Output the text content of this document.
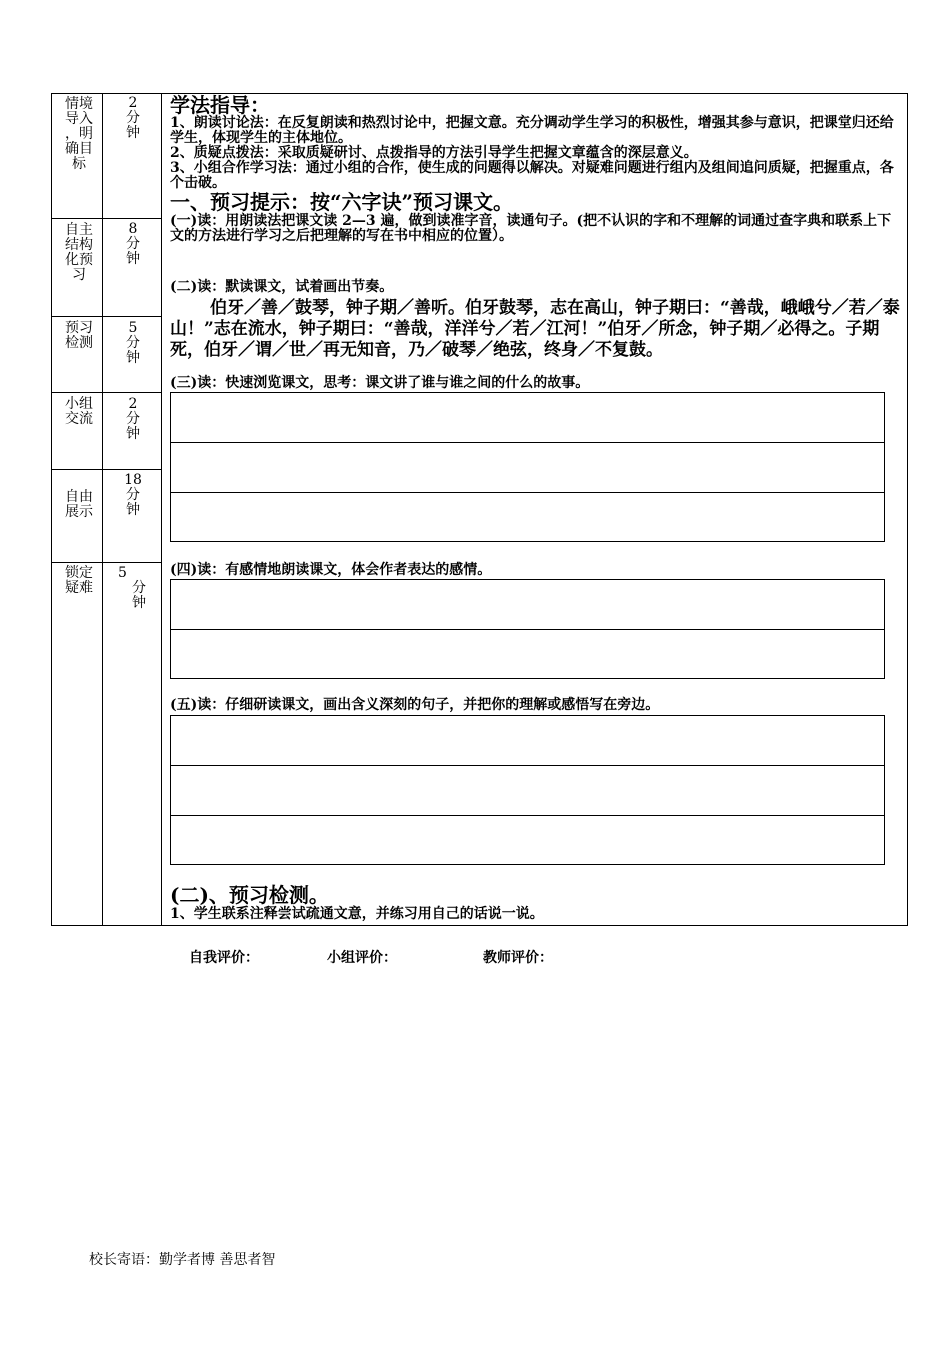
情境
导入
，明
确目
标
2
分
钟
自主
结构
化预
习
8
分
钟
预习
检测
5
分
钟
小组
交流
2
分
钟
自由
展示
18
分
钟
锁定
疑难
5
分
钟
学法指导：
1、朗读讨论法：在反复朗读和热烈讨论中，把握文意。充分调动学生学习的积极性，增强其参与意识，把课堂归还给学生，体现学生的主体地位。
2、质疑点拨法：采取质疑研讨、点拨指导的方法引导学生把握文章蕴含的深层意义。
3、小组合作学习法：通过小组的合作，使生成的问题得以解决。对疑难问题进行组内及组间追问质疑，把握重点，各个击破。
一、预习提示：按“六字诀”预习课文。
(一)读：用朗读法把课文读 2—3 遍，做到读准字音，读通句子。(把不认识的字和不理解的词通过查字典和联系上下文的方法进行学习之后把理解的写在书中相应的位置）。
(二)读：默读课文，试着画出节奏。
伯牙／善／鼓琴，钟子期／善听。伯牙鼓琴，志在高山，钟子期曰：“善哉，峨峨兮／若／泰山！”志在流水，钟子期曰：“善哉，洋洋兮／若／江河！”伯牙／所念，钟子期／必得之。子期死，伯牙／谓／世／再无知音，乃／破琴／绝弦，终身／不复鼓。
(三)读：快速浏览课文，思考：课文讲了谁与谁之间的什么的故事。
(四)读：有感情地朗读课文，体会作者表达的感情。
(五)读：仔细研读课文，画出含义深刻的句子，并把你的理解或感悟写在旁边。
(二)、预习检测。
1、学生联系注释尝试疏通文意，并练习用自己的话说一说。
自我评价：	小组评价：	教师评价：
校长寄语：勤学者博 善思者智
